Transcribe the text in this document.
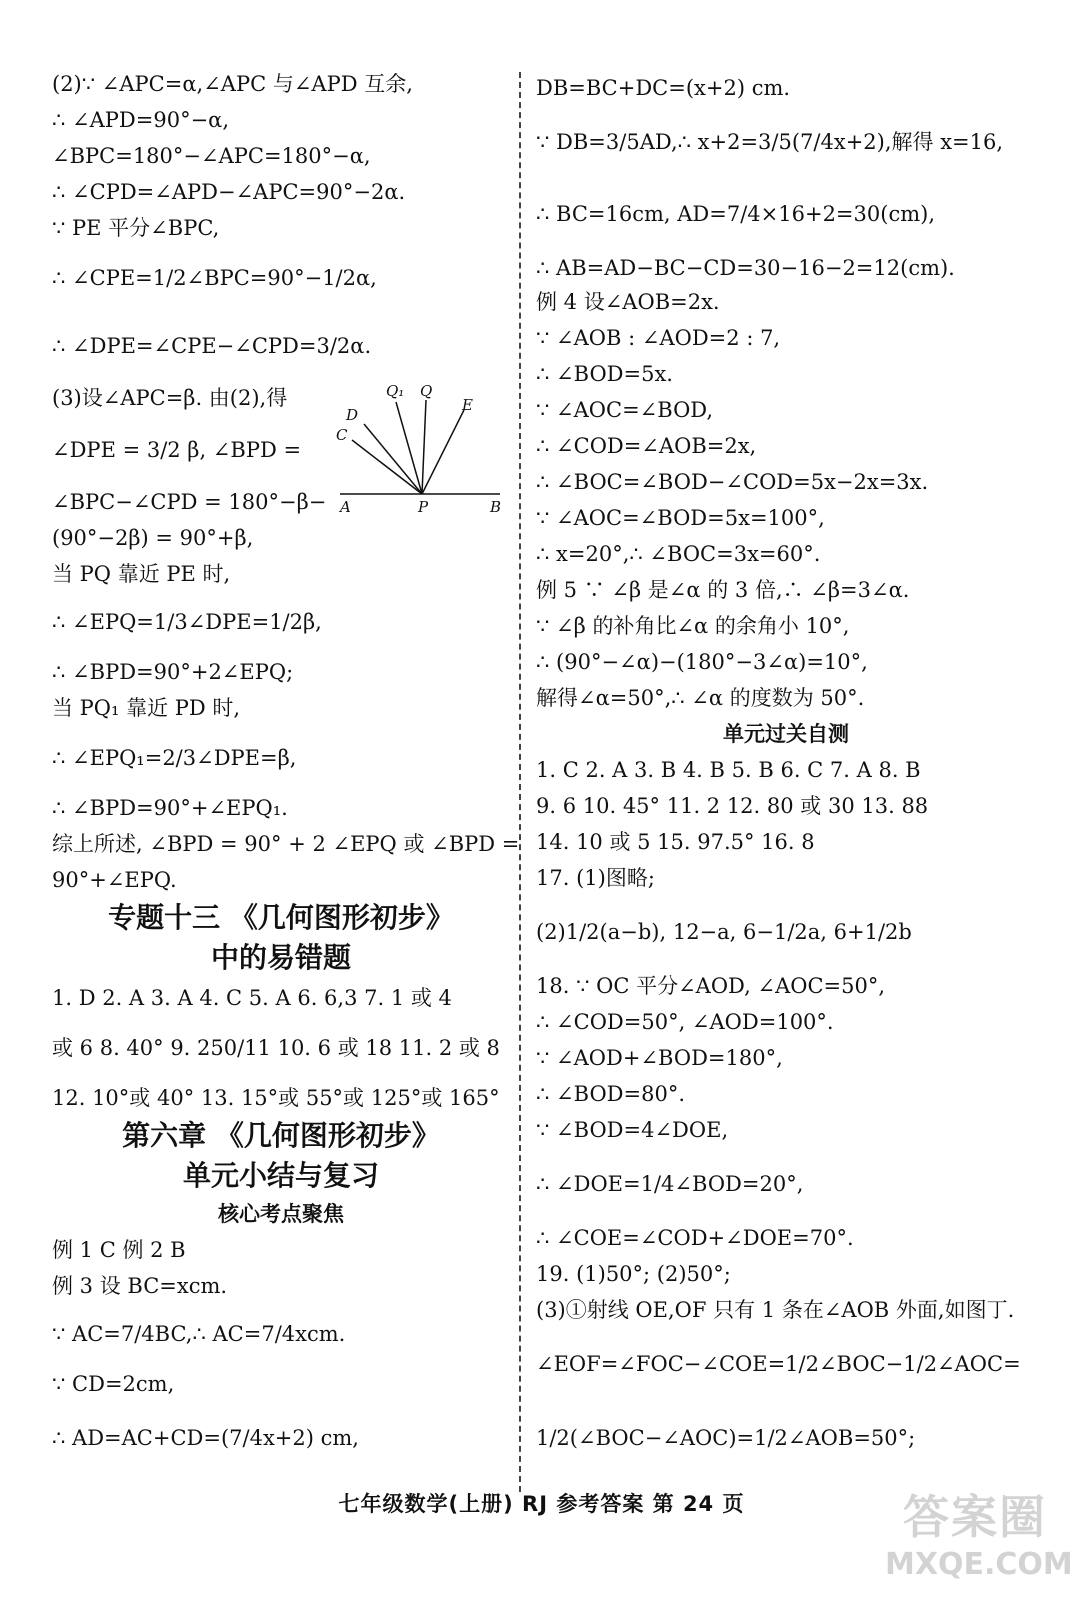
(2)∵ ∠APC=α,∠APC 与∠APD 互余,
∴ ∠APD=90°−α,
∠BPC=180°−∠APC=180°−α,
∴ ∠CPD=∠APD−∠APC=90°−2α.
∵ PE 平分∠BPC,
∴ ∠CPE=1/2∠BPC=90°−1/2α,
∴ ∠DPE=∠CPE−∠CPD=3/2α.
(3)设∠APC=β. 由(2),得
∠DPE = 3/2 β, ∠BPD =
∠BPC−∠CPD = 180°−β−
(90°−2β) = 90°+β,
当 PQ 靠近 PE 时,
∴ ∠EPQ=1/3∠DPE=1/2β,
∴ ∠BPD=90°+2∠EPQ;
当 PQ₁ 靠近 PD 时,
∴ ∠EPQ₁=2/3∠DPE=β,
∴ ∠BPD=90°+∠EPQ₁.
综上所述, ∠BPD = 90° + 2 ∠EPQ 或 ∠BPD =
90°+∠EPQ.
专题十三 《几何图形初步》
中的易错题
1. D 2. A 3. A 4. C 5. A 6. 6,3 7. 1 或 4
或 6 8. 40° 9. 250/11 10. 6 或 18 11. 2 或 8
12. 10°或 40° 13. 15°或 55°或 125°或 165°
第六章 《几何图形初步》
单元小结与复习
核心考点聚焦
例 1 C 例 2 B
例 3 设 BC=xcm.
∵ AC=7/4BC,∴ AC=7/4xcm.
∵ CD=2cm,
∴ AD=AC+CD=(7/4x+2) cm,
Q₁ Q
D
E
C
A	P	B
DB=BC+DC=(x+2) cm.
∵ DB=3/5AD,∴ x+2=3/5(7/4x+2),解得 x=16,
∴ BC=16cm, AD=7/4×16+2=30(cm),
∴ AB=AD−BC−CD=30−16−2=12(cm).
例 4 设∠AOB=2x.
∵ ∠AOB : ∠AOD=2 : 7,
∴ ∠BOD=5x.
∵ ∠AOC=∠BOD,
∴ ∠COD=∠AOB=2x,
∴ ∠BOC=∠BOD−∠COD=5x−2x=3x.
∵ ∠AOC=∠BOD=5x=100°,
∴ x=20°,∴ ∠BOC=3x=60°.
例 5 ∵ ∠β 是∠α 的 3 倍,∴ ∠β=3∠α.
∵ ∠β 的补角比∠α 的余角小 10°,
∴ (90°−∠α)−(180°−3∠α)=10°,
解得∠α=50°,∴ ∠α 的度数为 50°.
单元过关自测
1. C 2. A 3. B 4. B 5. B 6. C 7. A 8. B
9. 6 10. 45° 11. 2 12. 80 或 30 13. 88
14. 10 或 5 15. 97.5° 16. 8
17. (1)图略;
(2)1/2(a−b), 12−a, 6−1/2a, 6+1/2b
18. ∵ OC 平分∠AOD, ∠AOC=50°,
∴ ∠COD=50°, ∠AOD=100°.
∵ ∠AOD+∠BOD=180°,
∴ ∠BOD=80°.
∵ ∠BOD=4∠DOE,
∴ ∠DOE=1/4∠BOD=20°,
∴ ∠COE=∠COD+∠DOE=70°.
19. (1)50°; (2)50°;
(3)①射线 OE,OF 只有 1 条在∠AOB 外面,如图丁.
∠EOF=∠FOC−∠COE=1/2∠BOC−1/2∠AOC=
1/2(∠BOC−∠AOC)=1/2∠AOB=50°;
七年级数学(上册) RJ 参考答案 第 24 页	答案圈
MXQE.COM
